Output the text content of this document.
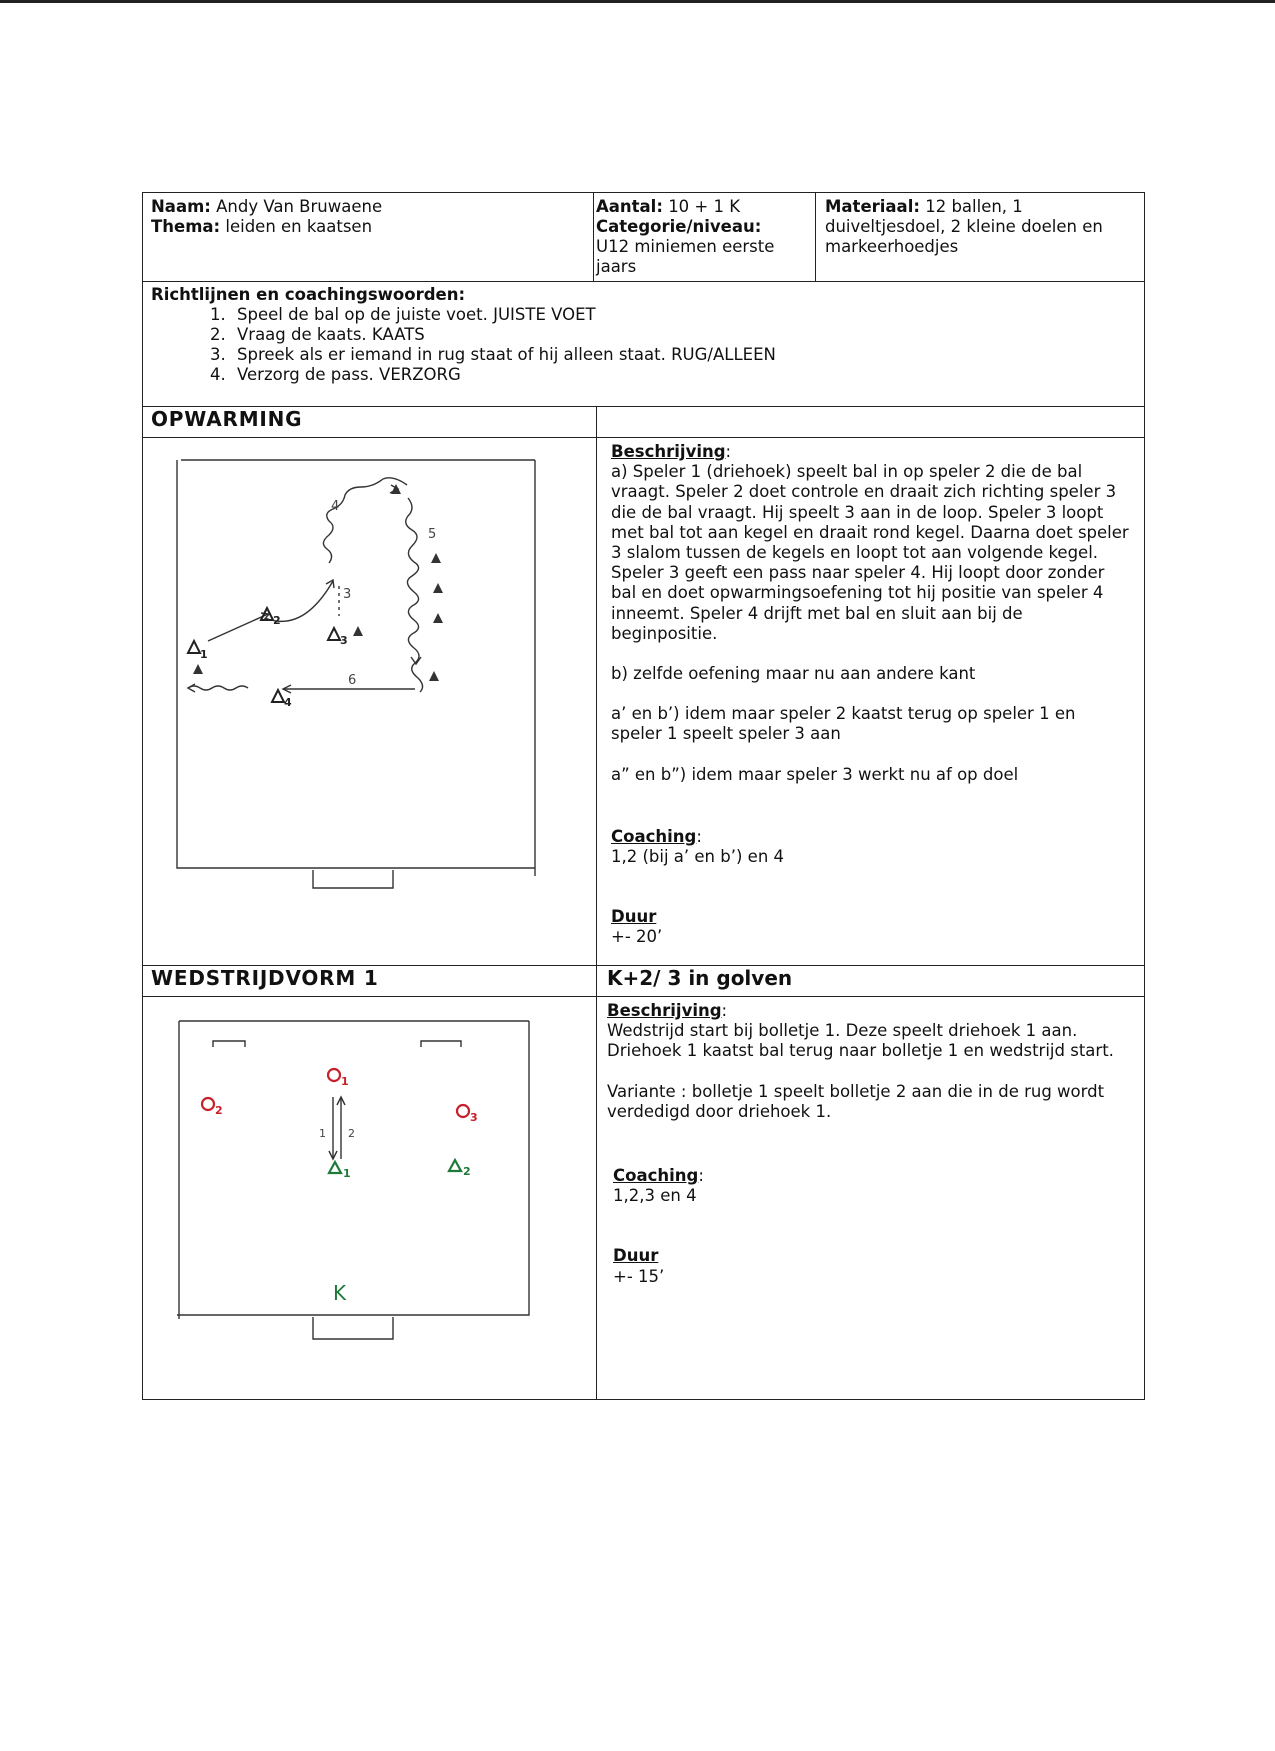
Naam: Andy Van Bruwaene
Thema: leiden en kaatsen
Aantal: 10 + 1 K
Categorie/niveau:
U12 miniemen eerste jaars
Materiaal: 12 ballen, 1 duiveltjesdoel, 2 kleine doelen en markeerhoedjes
Richtlijnen en coachingswoorden:
1. Speel de bal op de juiste voet. JUISTE VOET
2. Vraag de kaats. KAATS
3. Spreek als er iemand in rug staat of hij alleen staat. RUG/ALLEEN
4. Verzorg de pass. VERZORG
OPWARMING
1
2
3
4
4
5
3
6
Beschrijving:

a) Speler 1 (driehoek) speelt bal in op speler 2 die de bal vraagt. Speler 2 doet controle en draait zich richting speler 3 die de bal vraagt. Hij speelt 3 aan in de loop. Speler 3 loopt met bal tot aan kegel en draait rond kegel. Daarna doet speler 3 slalom tussen de kegels en loopt tot aan volgende kegel. Speler 3 geeft een pass naar speler 4. Hij loopt door zonder bal en doet opwarmingsoefening tot hij positie van speler 4 inneemt. Speler 4 drijft met bal en sluit aan bij de beginpositie.

b) zelfde oefening maar nu aan andere kant

a’ en b’) idem maar speler 2 kaatst terug op speler 1 en speler 1 speelt speler 3 aan

a” en b”) idem maar speler 3 werkt nu af op doel

Coaching:
1,2 (bij a’ en b’) en 4
Duur
+- 20’
WEDSTRIJDVORM 1	K+2/ 3 in golven
1
2
3
1	2
K
1 2
Beschrijving:

Wedstrijd start bij bolletje 1. Deze speelt driehoek 1 aan. Driehoek 1 kaatst bal terug naar bolletje 1 en wedstrijd start.

Variante : bolletje 1 speelt bolletje 2 aan die in de rug wordt verdedigd door driehoek 1.

Coaching:
1,2,3 en 4
Duur
+- 15’
